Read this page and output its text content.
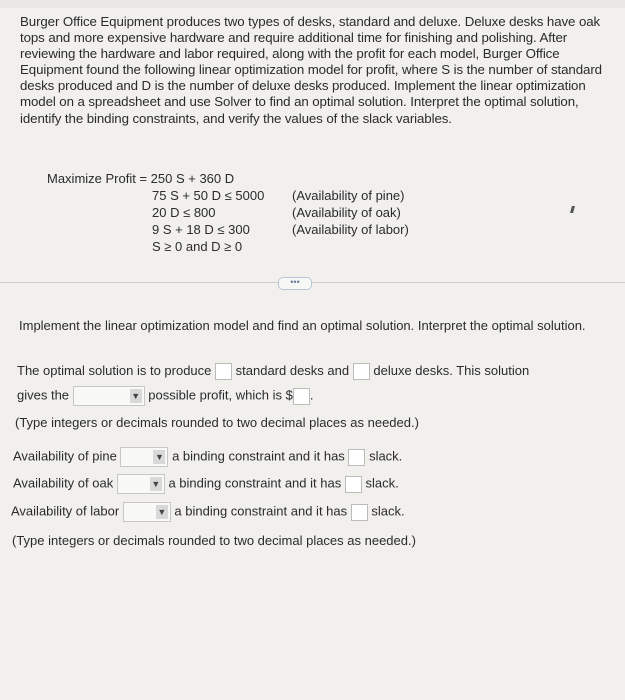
Burger Office Equipment produces two types of desks, standard and deluxe. Deluxe desks have oak tops and more expensive hardware and require additional time for finishing and polishing. After reviewing the hardware and labor required, along with the profit for each model, Burger Office Equipment found the following linear optimization model for profit, where S is the number of standard desks produced and D is the number of deluxe desks produced. Implement the linear optimization model on a spreadsheet and use Solver to find an optimal solution. Interpret the optimal solution, identify the binding constraints, and verify the values of the slack variables.
Maximize Profit = 250 S + 360 D
75 S + 50 D ≤ 5000 (Availability of pine)
20 D ≤ 800	(Availability of oak)
9 S + 18 D ≤ 300	(Availability of labor)
S ≥ 0 and D ≥ 0
•••
Implement the linear optimization model and find an optimal solution. Interpret the optimal solution.
The optimal solution is to produce standard desks and deluxe desks. This solution
gives the	▼ possible profit, which is $ .
(Type integers or decimals rounded to two decimal places as needed.)
Availability of pine	▼ a binding constraint and it has slack.
Availability of oak	▼ a binding constraint and it has slack.
Availability of labor	▼ a binding constraint and it has slack.
(Type integers or decimals rounded to two decimal places as needed.)
